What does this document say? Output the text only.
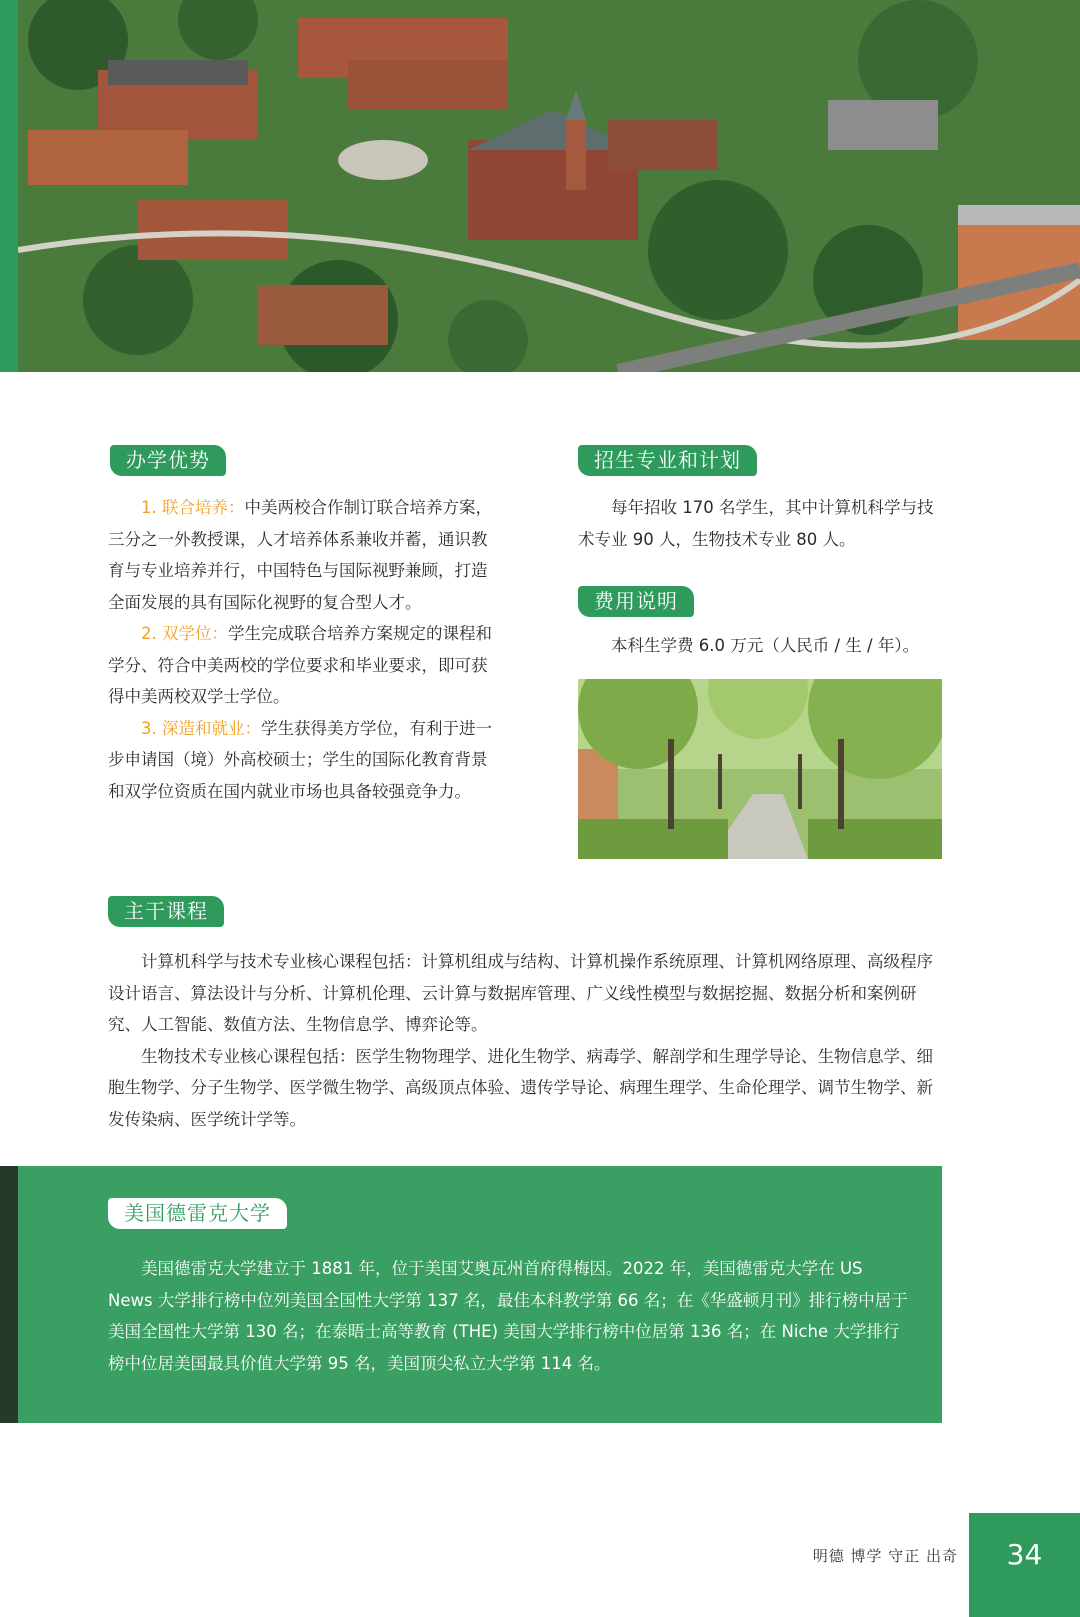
办学优势

1. 联合培养：中美两校合作制订联合培养方案，三分之一外教授课，人才培养体系兼收并蓄，通识教育与专业培养并行，中国特色与国际视野兼顾，打造全面发展的具有国际化视野的复合型人才。

2. 双学位：学生完成联合培养方案规定的课程和学分、符合中美两校的学位要求和毕业要求，即可获得中美两校双学士学位。

3. 深造和就业：学生获得美方学位，有利于进一步申请国（境）外高校硕士；学生的国际化教育背景和双学位资质在国内就业市场也具备较强竞争力。

招生专业和计划

每年招收 170 名学生，其中计算机科学与技术专业 90 人，生物技术专业 80 人。

费用说明

本科生学费 6.0 万元（人民币 / 生 / 年）。

主干课程

计算机科学与技术专业核心课程包括：计算机组成与结构、计算机操作系统原理、计算机网络原理、高级程序设计语言、算法设计与分析、计算机伦理、云计算与数据库管理、广义线性模型与数据挖掘、数据分析和案例研究、人工智能、数值方法、生物信息学、博弈论等。

生物技术专业核心课程包括：医学生物物理学、进化生物学、病毒学、解剖学和生理学导论、生物信息学、细胞生物学、分子生物学、医学微生物学、高级顶点体验、遗传学导论、病理生理学、生命伦理学、调节生物学、新发传染病、医学统计学等。

美国德雷克大学

美国德雷克大学建立于 1881 年，位于美国艾奥瓦州首府得梅因。2022 年，美国德雷克大学在 US News 大学排行榜中位列美国全国性大学第 137 名，最佳本科教学第 66 名；在《华盛顿月刊》排行榜中居于美国全国性大学第 130 名；在泰晤士高等教育 (THE) 美国大学排行榜中位居第 136 名；在 Niche 大学排行榜中位居美国最具价值大学第 95 名，美国顶尖私立大学第 114 名。

明德 博学 守正 出奇	34
